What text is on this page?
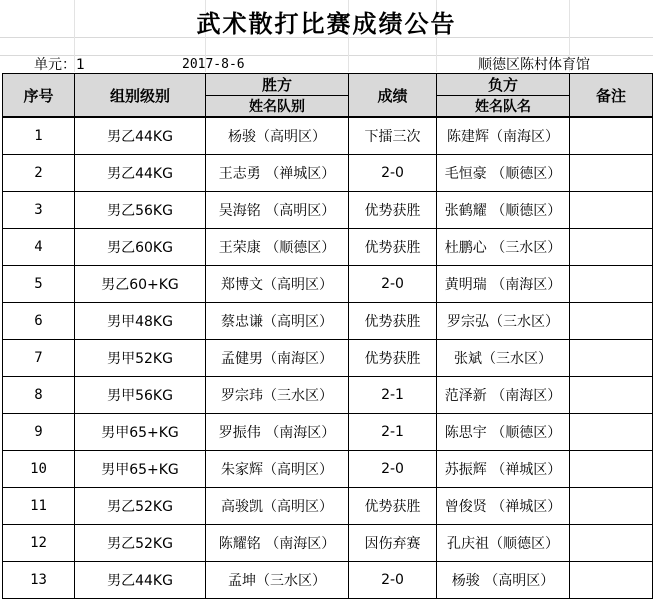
武术散打比赛成绩公告
单元：1	2017-8-6	顺德区陈村体育馆
序号	组别级别	胜方	成绩	负方	备注
		姓名队别		姓名队名	
1	男乙44KG	杨骏（高明区）	下擂三次	陈建辉（南海区）	
2	男乙44KG	王志勇 （禅城区）	2-0	毛恒豪 （顺德区）	
3	男乙56KG	吴海铭 （高明区）	优势获胜	张鹤耀 （顺德区）	
4	男乙60KG	王荣康 （顺德区）	优势获胜	杜鹏心 （三水区）	
5	男乙60+KG	郑博文（高明区）	2-0	黄明瑞 （南海区）	
6	男甲48KG	蔡忠谦（高明区）	优势获胜	罗宗弘（三水区）	
7	男甲52KG	孟健男（南海区）	优势获胜	张斌（三水区）	
8	男甲56KG	罗宗玮（三水区）	2-1	范泽新 （南海区）	
9	男甲65+KG	罗振伟 （南海区）	2-1	陈思宇 （顺德区）	
10	男甲65+KG	朱家辉（高明区）	2-0	苏振辉 （禅城区）	
11	男乙52KG	高骏凯（高明区）	优势获胜	曾俊贤 （禅城区）	
12	男乙52KG	陈耀铭 （南海区）	因伤弃赛	孔庆祖（顺德区）	
13	男乙44KG	孟坤（三水区）	2-0	杨骏 （高明区）	
